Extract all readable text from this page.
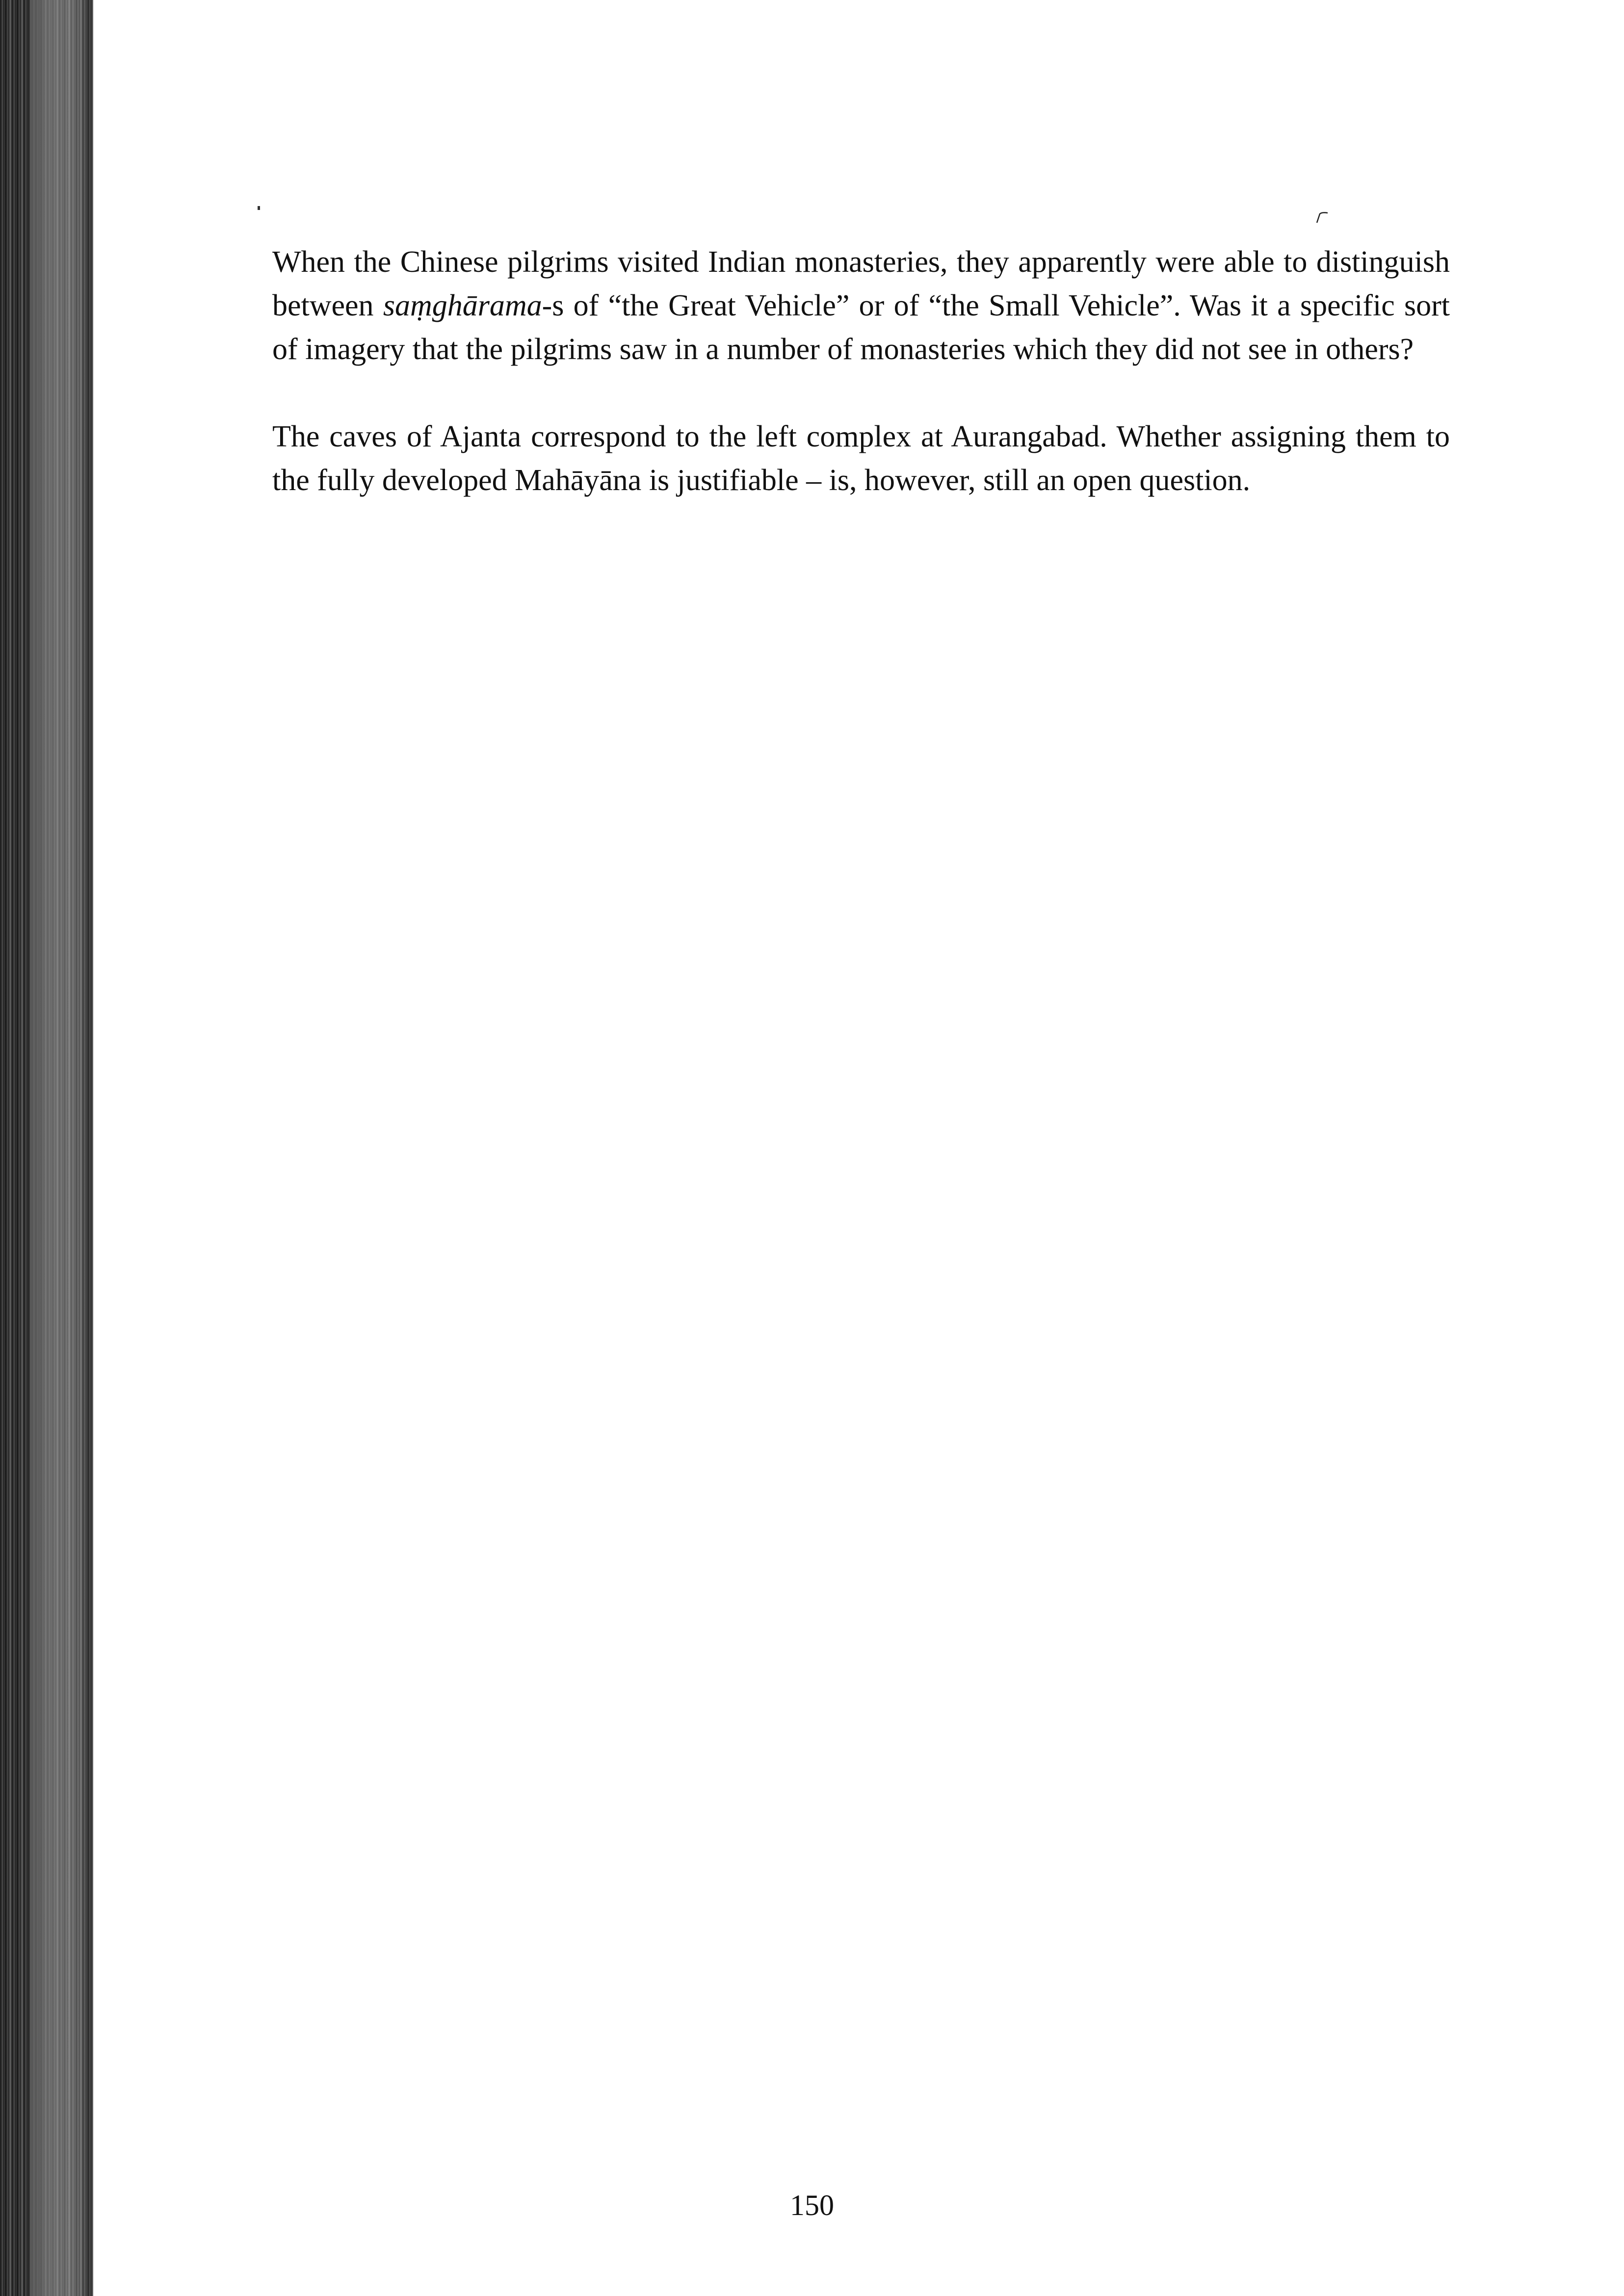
When the Chinese pilgrims visited Indian monasteries, they apparently were able to distinguish between saṃghārama-s of “the Great Vehicle” or of “the Small Vehicle”. Was it a specific sort of imagery that the pilgrims saw in a number of monasteries which they did not see in others?

The caves of Ajanta correspond to the left complex at Aurangabad. Whether assigning them to the fully developed Mahāyāna is justifiable – is, however, still an open question.

150
